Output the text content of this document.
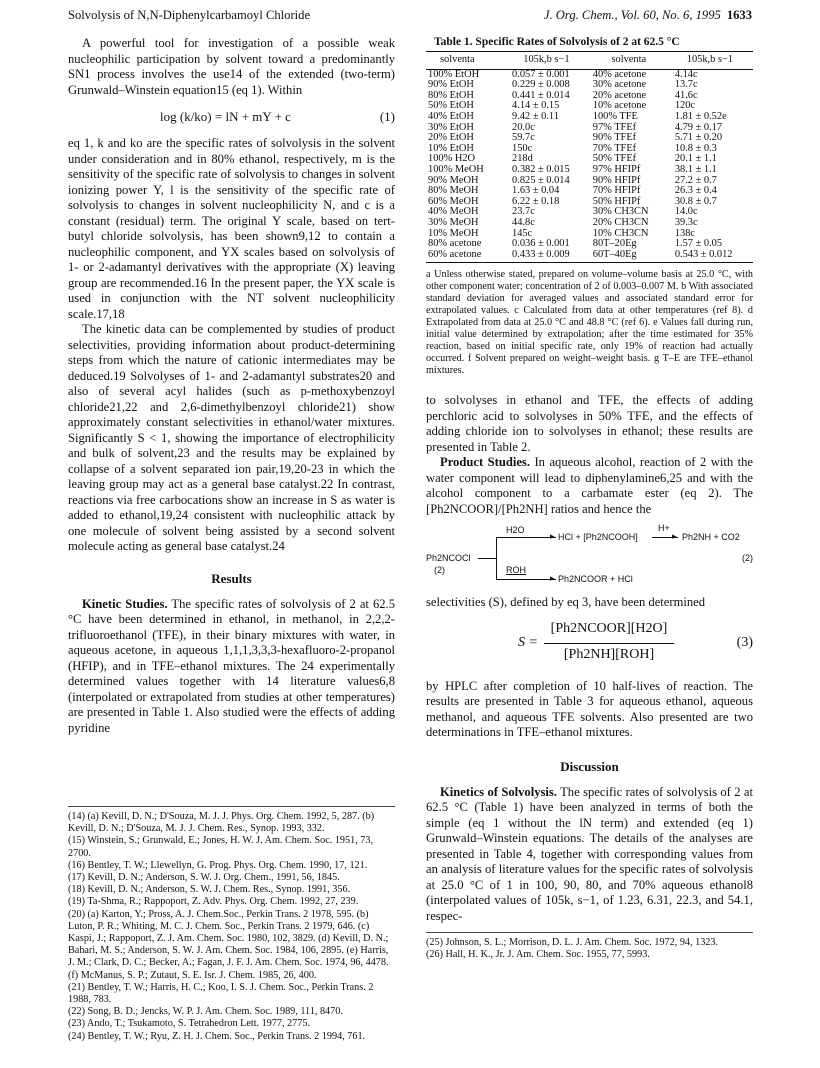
Solvolysis of N,N-Diphenylcarbamoyl Chloride	J. Org. Chem., Vol. 60, No. 6, 1995 1633

A powerful tool for investigation of a possible weak nucleophilic participation by solvent toward a predominantly SN1 process involves the use14 of the extended (two-term) Grunwald–Winstein equation15 (eq 1). Within

log (k/ko) = lN + mY + c	(1)

eq 1, k and ko are the specific rates of solvolysis in the solvent under consideration and in 80% ethanol, respectively, m is the sensitivity of the specific rate of solvolysis to changes in solvent ionizing power Y, l is the sensitivity of the specific rate of solvolysis to changes in solvent nucleophilicity N, and c is a constant (residual) term. The original Y scale, based on tert-butyl chloride solvolysis, has been shown9,12 to contain a nucleophilic component, and YX scales based on solvolysis of 1- or 2-adamantyl derivatives with the appropriate (X) leaving group are recommended.16 In the present paper, the YX scale is used in conjunction with the NT solvent nucleophilicity scale.17,18

The kinetic data can be complemented by studies of product selectivities, providing information about product-determining steps from which the nature of cationic intermediates may be deduced.19 Solvolyses of 1- and 2-adamantyl substrates20 and also of several acyl halides (such as p-methoxybenzoyl chloride21,22 and 2,6-dimethylbenzoyl chloride21) show approximately constant selectivities in ethanol/water mixtures. Significantly S < 1, showing the importance of electrophilicity and bulk of solvent,23 and the results may be explained by collapse of a solvent separated ion pair,19,20-23 in which the leaving group may act as a general base catalyst.22 In contrast, reactions via free carbocations show an increase in S as water is added to ethanol,19,24 consistent with nucleophilic attack by one molecule of solvent being assisted by a second solvent molecule acting as general base catalyst.24

Results

Kinetic Studies. The specific rates of solvolysis of 2 at 62.5 °C have been determined in ethanol, in methanol, in 2,2,2-trifluoroethanol (TFE), in their binary mixtures with water, in aqueous acetone, in aqueous 1,1,1,3,3,3-hexafluoro-2-propanol (HFIP), and in TFE–ethanol mixtures. The 24 experimentally determined values together with 14 literature values6,8 (interpolated or extrapolated from studies at other temperatures) are presented in Table 1. Also studied were the effects of adding pyridine

(14) (a) Kevill, D. N.; D'Souza, M. J. J. Phys. Org. Chem. 1992, 5, 287. (b) Kevill, D. N.; D'Souza, M. J. J. Chem. Res., Synop. 1993, 332.

(15) Winstein, S.; Grunwald, E.; Jones, H. W. J. Am. Chem. Soc. 1951, 73, 2700.

(16) Bentley, T. W.; Llewellyn, G. Prog. Phys. Org. Chem. 1990, 17, 121.

(17) Kevill, D. N.; Anderson, S. W. J. Org. Chem., 1991, 56, 1845.

(18) Kevill, D. N.; Anderson, S. W. J. Chem. Res., Synop. 1991, 356.

(19) Ta-Shma, R.; Rappoport, Z. Adv. Phys. Org. Chem. 1992, 27, 239.

(20) (a) Karton, Y.; Pross, A. J. Chem.Soc., Perkin Trans. 2 1978, 595. (b) Luton, P. R.; Whiting, M. C. J. Chem. Soc., Perkin Trans. 2 1979, 646. (c) Kaspi, J.; Rappoport, Z. J. Am. Chem. Soc. 1980, 102, 3829. (d) Kevill, D. N.; Bahari, M. S.; Anderson, S. W. J. Am. Chem. Soc. 1984, 106, 2895. (e) Harris, J. M.; Clark, D. C.; Becker, A.; Fagan, J. F. J. Am. Chem. Soc. 1974, 96, 4478. (f) McManus, S. P.; Zutaut, S. E. Isr. J. Chem. 1985, 26, 400.

(21) Bentley, T. W.; Harris, H. C.; Koo, I. S. J. Chem. Soc., Perkin Trans. 2 1988, 783.

(22) Song, B. D.; Jencks, W. P. J. Am. Chem. Soc. 1989, 111, 8470.

(23) Ando, T.; Tsukamoto, S. Tetrahedron Lett. 1977, 2775.

(24) Bentley, T. W.; Ryu, Z. H. J. Chem. Soc., Perkin Trans. 2 1994, 761.

Table 1. Specific Rates of Solvolysis of 2 at 62.5 °C
solventa	105k,b s−1	solventa	105k,b s−1
100% EtOH	0.057 ± 0.001	40% acetone	4.14c
90% EtOH	0.229 ± 0.008	30% acetone	13.7c
80% EtOH	0.441 ± 0.014	20% acetone	41.6c
50% EtOH	4.14 ± 0.15	10% acetone	120c
40% EtOH	9.42 ± 0.11	100% TFE	1.81 ± 0.52e
30% EtOH	20.0c	97% TFEf	4.79 ± 0.17
20% EtOH	59.7c	90% TFEf	5.71 ± 0.20
10% EtOH	150c	70% TFEf	10.8 ± 0.3
100% H2O	218d	50% TFEf	20.1 ± 1.1
100% MeOH	0.382 ± 0.015	97% HFIPf	38.1 ± 1.1
90% MeOH	0.825 ± 0.014	90% HFIPf	27.2 ± 0.7
80% MeOH	1.63 ± 0.04	70% HFIPf	26.3 ± 0.4
60% MeOH	6.22 ± 0.18	50% HFIPf	30.8 ± 0.7
40% MeOH	23.7c	30% CH3CN	14.0c
30% MeOH	44.8c	20% CH3CN	39.3c
10% MeOH	145c	10% CH3CN	138c
80% acetone	0.036 ± 0.001	80T–20Eg	1.57 ± 0.05
60% acetone	0.433 ± 0.009	60T–40Eg	0.543 ± 0.012

a Unless otherwise stated, prepared on volume–volume basis at 25.0 °C, with other component water; concentration of 2 of 0.003–0.007 M. b With associated standard deviation for averaged values and associated standard error for extrapolated values. c Calculated from data at other temperatures (ref 8). d Extrapolated from data at 25.0 °C and 48.8 °C (ref 6). e Values fall during run, initial value determined by extrapolation; after the time estimated for 35% reaction, based on initial specific rate, only 19% of reaction had actually occurred. f Solvent prepared on weight–weight basis. g T–E are TFE–ethanol mixtures.

to solvolyses in ethanol and TFE, the effects of adding perchloric acid to solvolyses in 50% TFE, and the effects of adding chloride ion to solvolyses in ethanol; these results are presented in Table 2.

Product Studies. In aqueous alcohol, reaction of 2 with the water component will lead to diphenylamine6,25 and with the alcohol component to a carbamate ester (eq 2). The [Ph2NCOOR]/[Ph2NH] ratios and hence the

Ph2NCOCl
(2)
▸
H2O
HCl + [Ph2NCOOH]	▸
H+
Ph2NH + CO2
▸
ROH
Ph2NCOOR + HCl
(2)

selectivities (S), defined by eq 3, have been determined

S =
[Ph2NCOOR][H2O]
[Ph2NH][ROH]
(3)

by HPLC after completion of 10 half-lives of reaction. The results are presented in Table 3 for aqueous ethanol, aqueous methanol, and aqueous TFE solvents. Also presented are two determinations in TFE–ethanol mixtures.

Discussion

Kinetics of Solvolysis. The specific rates of solvolysis of 2 at 62.5 °C (Table 1) have been analyzed in terms of both the simple (eq 1 without the lN term) and extended (eq 1) Grunwald–Winstein equations. The details of the analyses are presented in Table 4, together with corresponding values from an analysis of literature values for the specific rates of solvolysis at 25.0 °C of 1 in 100, 90, 80, and 70% aqueous ethanol8 (interpolated values of 105k, s−1, of 1.23, 6.31, 22.3, and 54.1, respec-

(25) Johnson, S. L.; Morrison, D. L. J. Am. Chem. Soc. 1972, 94, 1323.

(26) Hall, H. K., Jr. J. Am. Chem. Soc. 1955, 77, 5993.
